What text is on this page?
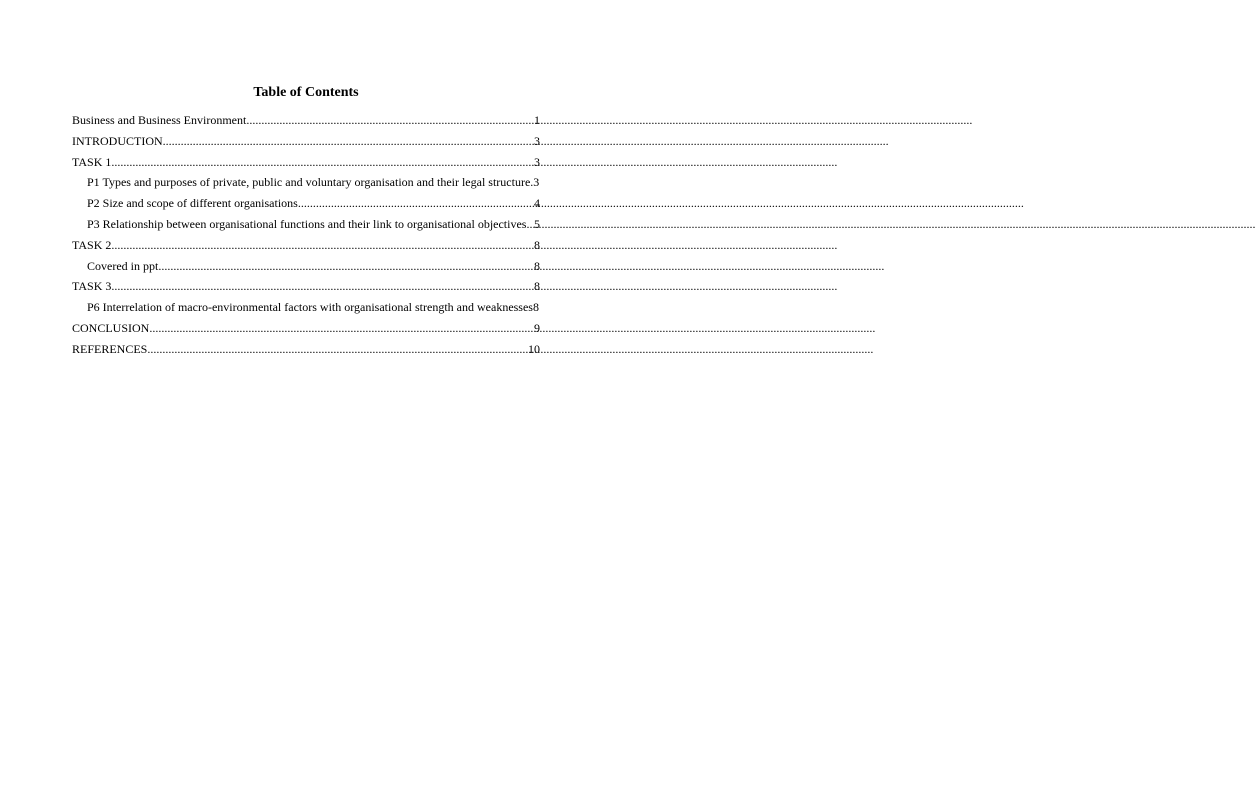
Table of Contents
Business and Business Environment .....	1
INTRODUCTION .....	3
TASK 1 .....	3
P1 Types and purposes of private, public and voluntary organisation and their legal structure. 3
P2 Size and scope of different organisations .....	4
P3 Relationship between organisational functions and their link to organisational objectives. ..... 5
TASK 2 .....	8
Covered in ppt .....	8
TASK 3 .....	8
P6 Interrelation of macro-environmental factors with organisational strength and weaknesses 8
CONCLUSION .....	9
REFERENCES .....	10
